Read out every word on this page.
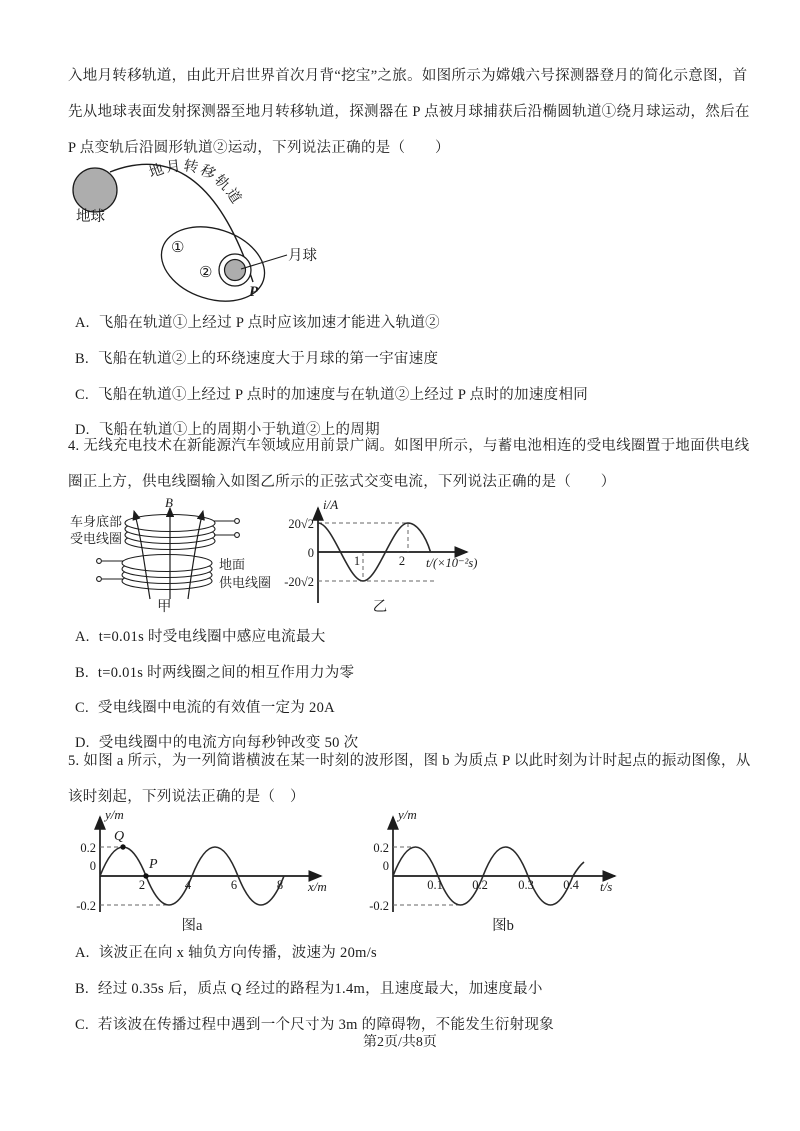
入地月转移轨道，由此开启世界首次月背“挖宝”之旅。如图所示为嫦娥六号探测器登月的简化示意图，首
先从地球表面发射探测器至地月转移轨道，探测器在 P 点被月球捕获后沿椭圆轨道①绕月球运动，然后在
P 点变轨后沿圆形轨道②运动，下列说法正确的是（　　）
地球
地月转移轨道
①
②
月球
P
A. 飞船在轨道①上经过 P 点时应该加速才能进入轨道②
B. 飞船在轨道②上的环绕速度大于月球的第一宇宙速度
C. 飞船在轨道①上经过 P 点时的加速度与在轨道②上经过 P 点时的加速度相同
D. 飞船在轨道①上的周期小于轨道②上的周期
4. 无线充电技术在新能源汽车领域应用前景广阔。如图甲所示，与蓄电池相连的受电线圈置于地面供电线
圈正上方，供电线圈输入如图乙所示的正弦式交变电流，下列说法正确的是（　　）
B
车身底部
受电线圈
地面
供电线圈
甲
i/A
20√2
0
-20√2
1	2 t/(×10⁻²s)
乙
A. t=0.01s 时受电线圈中感应电流最大
B. t=0.01s 时两线圈之间的相互作用力为零
C. 受电线圈中电流的有效值一定为 20A
D. 受电线圈中的电流方向每秒钟改变 50 次
5. 如图 a 所示，为一列简谐横波在某一时刻的波形图，图 b 为质点 P 以此时刻为计时起点的振动图像，从
该时刻起，下列说法正确的是（　）
Q
P
y/m
0.2
0
-0.2
2	4	6	8 x/m
图a
y/m
0.2
0
-0.2
0.1 0.2 0.3 0.4 t/s
图b
A. 该波正在向 x 轴负方向传播，波速为 20m/s
B. 经过 0.35s 后，质点 Q 经过的路程为1.4m，且速度最大，加速度最小
C. 若该波在传播过程中遇到一个尺寸为 3m 的障碍物，不能发生衍射现象
第2页/共8页
